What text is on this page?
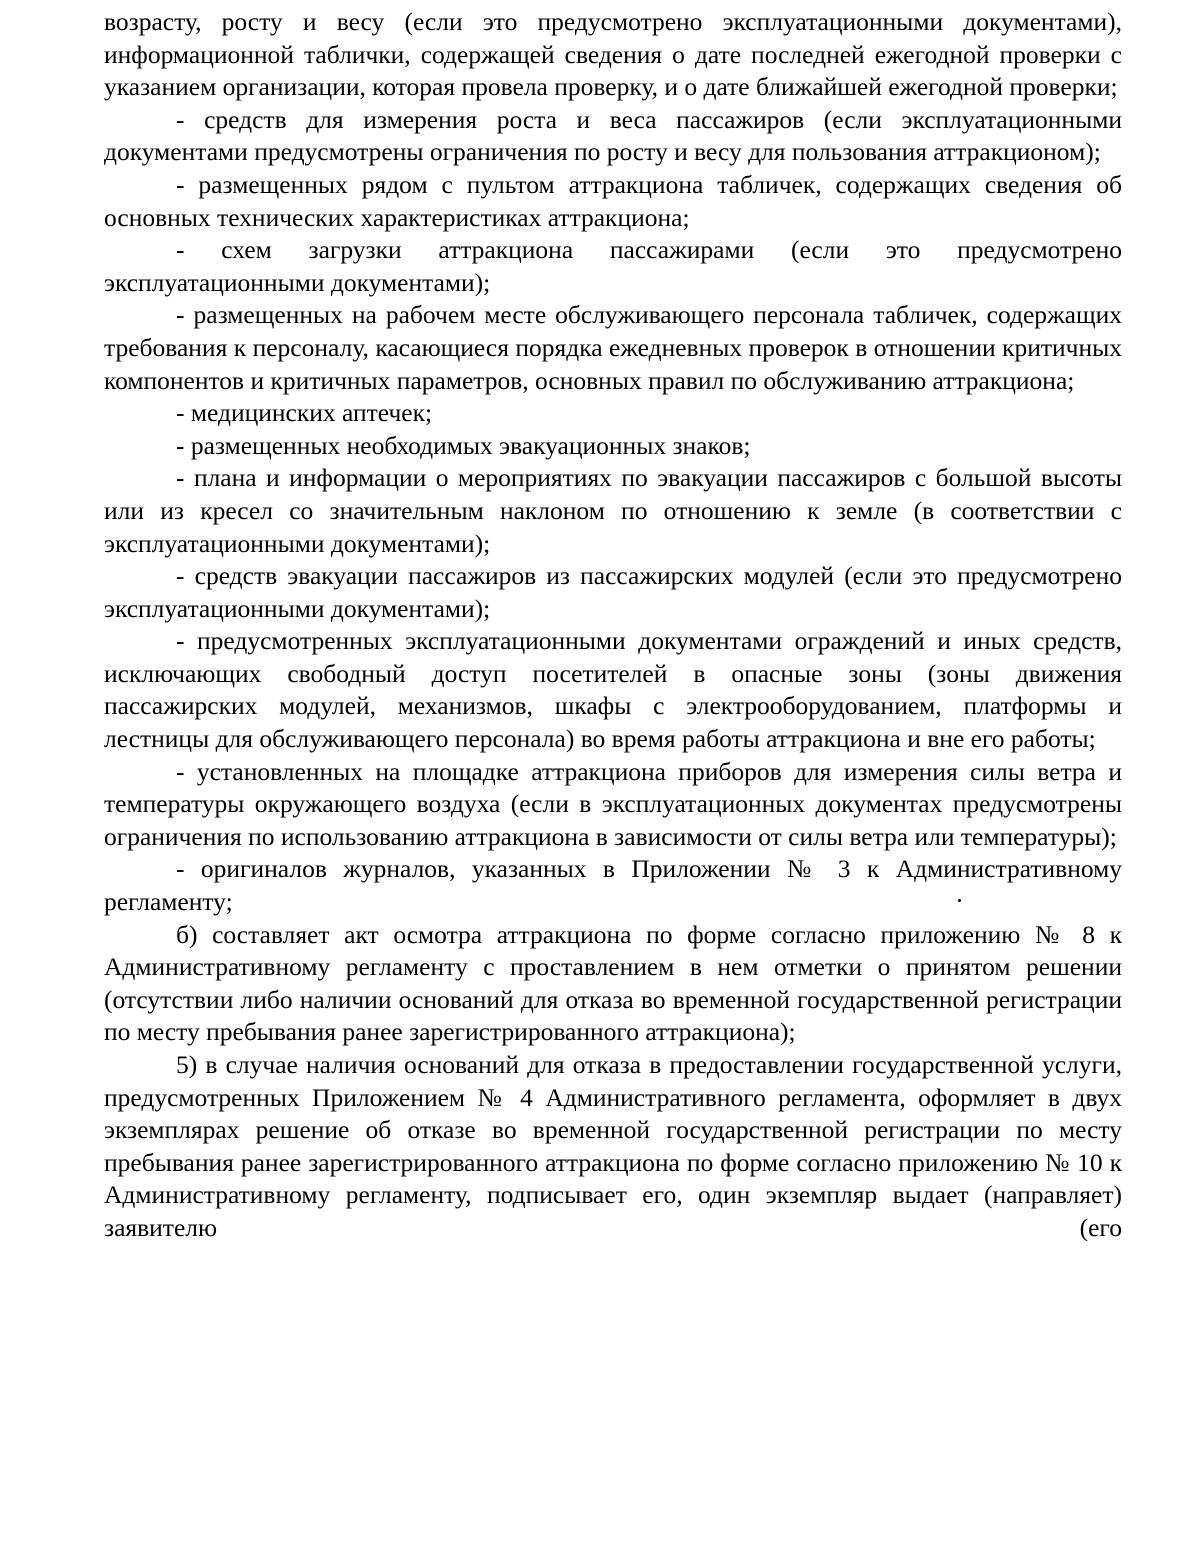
возрасту, росту и весу (если это предусмотрено эксплуатационными документами), информационной таблички, содержащей сведения о дате последней ежегодной проверки с указанием организации, которая провела проверку, и о дате ближайшей ежегодной проверки;

- средств для измерения роста и веса пассажиров (если эксплуатационными документами предусмотрены ограничения по росту и весу для пользования аттракционом);

- размещенных рядом с пультом аттракциона табличек, содержащих сведения об основных технических характеристиках аттракциона;

- схем загрузки аттракциона пассажирами (если это предусмотрено эксплуатационными документами);

- размещенных на рабочем месте обслуживающего персонала табличек, содержащих требования к персоналу, касающиеся порядка ежедневных проверок в отношении критичных компонентов и критичных параметров, основных правил по обслуживанию аттракциона;

- медицинских аптечек;

- размещенных необходимых эвакуационных знаков;

- плана и информации о мероприятиях по эвакуации пассажиров с большой высоты или из кресел со значительным наклоном по отношению к земле (в соответствии с эксплуатационными документами);

- средств эвакуации пассажиров из пассажирских модулей (если это предусмотрено эксплуатационными документами);

- предусмотренных эксплуатационными документами ограждений и иных средств, исключающих свободный доступ посетителей в опасные зоны (зоны движения пассажирских модулей, механизмов, шкафы с электрооборудованием, платформы и лестницы для обслуживающего персонала) во время работы аттракциона и вне его работы;

- установленных на площадке аттракциона приборов для измерения силы ветра и температуры окружающего воздуха (если в эксплуатационных документах предусмотрены ограничения по использованию аттракциона в зависимости от силы ветра или температуры);

- оригиналов журналов, указанных в Приложении № 3 к Административному регламенту;

б) составляет акт осмотра аттракциона по форме согласно приложению № 8 к Административному регламенту с проставлением в нем отметки о принятом решении (отсутствии либо наличии оснований для отказа во временной государственной регистрации по месту пребывания ранее зарегистрированного аттракциона);

5) в случае наличия оснований для отказа в предоставлении государственной услуги, предусмотренных Приложением № 4 Административного регламента, оформляет в двух экземплярах решение об отказе во временной государственной регистрации по месту пребывания ранее зарегистрированного аттракциона по форме согласно приложению № 10 к Административному регламенту, подписывает его, один экземпляр выдает (направляет) заявителю (его
